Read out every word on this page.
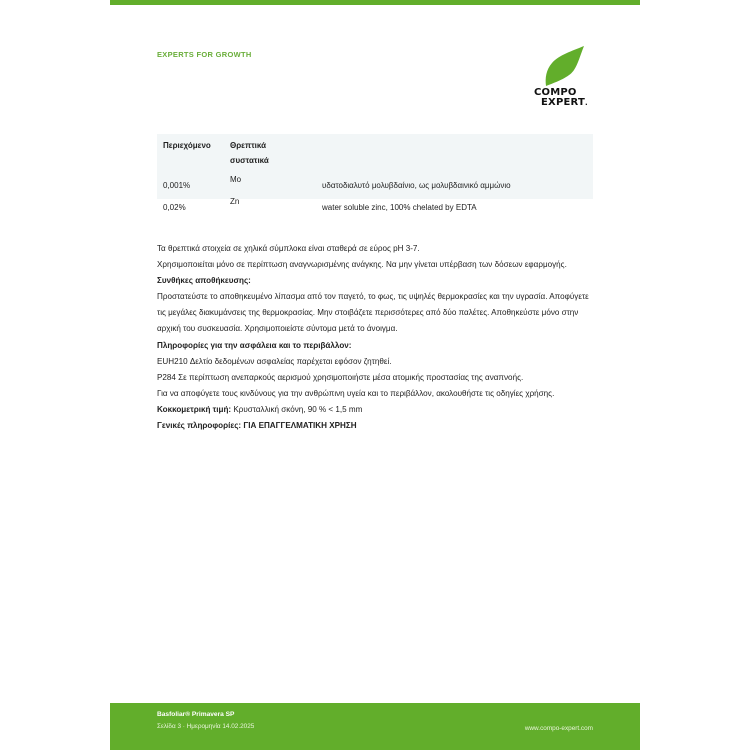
EXPERTS FOR GROWTH
COMPO
EXPERT.
Περιεχόμενο Θρεπτικά
συστατικά
0,001%
Mo
υδατοδιαλυτό μολυβδαίνιο, ως μολυβδαινικό αμμώνιο
0,02%
Zn
water soluble zinc, 100% chelated by EDTA

Τα θρεπτικά στοιχεία σε χηλικά σύμπλοκα είναι σταθερά σε εύρος pH 3-7.

Χρησιμοποιείται μόνο σε περίπτωση αναγνωρισμένης ανάγκης. Να μην γίνεται υπέρβαση των δόσεων εφαρμογής.

Συνθήκες αποθήκευσης:

Προστατεύστε το αποθηκευμένο λίπασμα από τον παγετό, το φως, τις υψηλές θερμοκρασίες και την υγρασία. Αποφύγετε τις μεγάλες διακυμάνσεις της θερμοκρασίας. Μην στοιβάζετε περισσότερες από δύο παλέτες. Αποθηκεύστε μόνο στην αρχική του συσκευασία. Χρησιμοποιείστε σύντομα μετά το άνοιγμα.

Πληροφορίες για την ασφάλεια και το περιβάλλον:

EUH210 Δελτίο δεδομένων ασφαλείας παρέχεται εφόσον ζητηθεί.

P284 Σε περίπτωση ανεπαρκούς αερισμού χρησιμοποιήστε μέσα ατομικής προστασίας της αναπνοής.

Για να αποφύγετε τους κινδύνους για την ανθρώπινη υγεία και το περιβάλλον, ακολουθήστε τις οδηγίες χρήσης.

Κοκκομετρική τιμή: Κρυσταλλική σκόνη, 90 % < 1,5 mm

Γενικές πληροφορίες: ΓΙΑ ΕΠΑΓΓΕΛΜΑΤΙΚΗ ΧΡΗΣΗ

Basfoliar® Primavera SP
Σελίδα 3 · Ημερομηνία 14.02.2025	www.compo-expert.com
